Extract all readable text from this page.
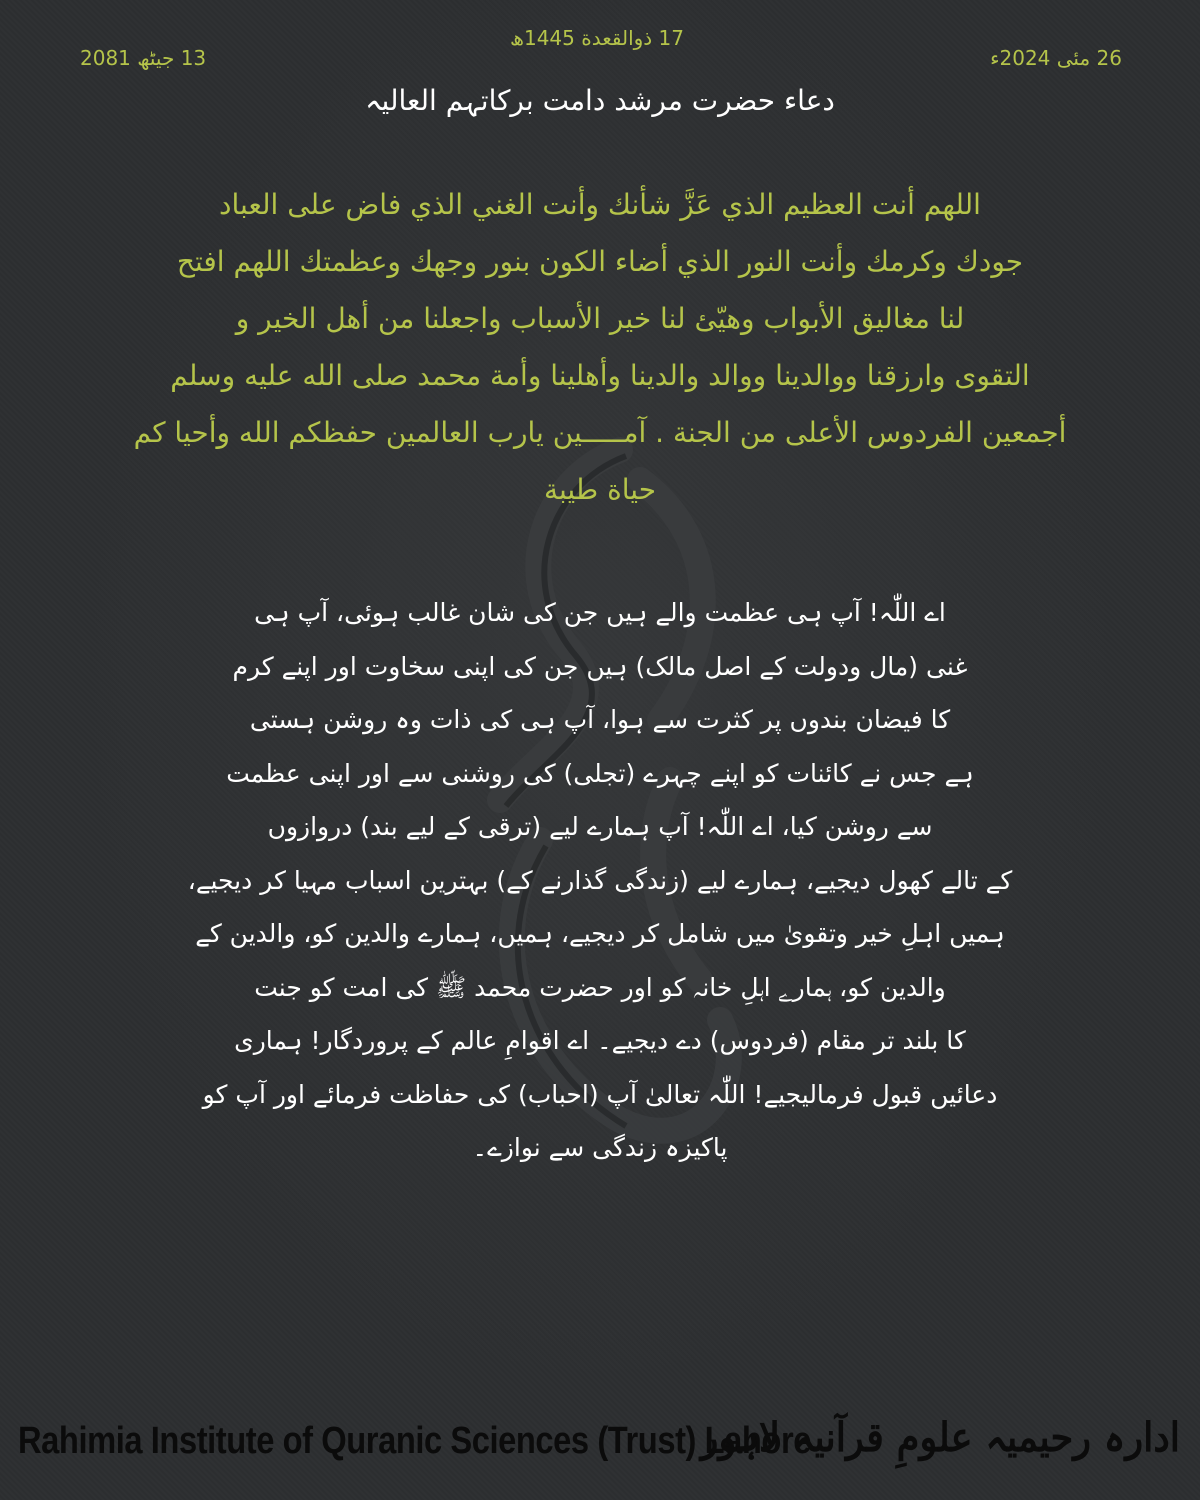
17 ذوالقعدة 1445ھ
13 جیٹھ 2081	26 مئی 2024ء
دعاء حضرت مرشد دامت برکاتہم العالیہ
اللهم أنت العظيم الذي عَزَّ شأنك وأنت الغني الذي فاض على العباد
جودك وكرمك وأنت النور الذي أضاء الكون بنور وجهك وعظمتك اللهم افتح
لنا مغاليق الأبواب وهيّئ لنا خير الأسباب واجعلنا من أهل الخير و
التقوى وارزقنا ووالدينا ووالد والدينا وأهلينا وأمة محمد صلى الله عليه وسلم
أجمعين الفردوس الأعلى من الجنة . آمـــــين يارب العالمين حفظكم الله وأحيا كم
حياة طيبة
اے اللّٰہ! آپ ہی عظمت والے ہیں جن کی شان غالب ہوئی، آپ ہی
غنی (مال ودولت کے اصل مالک) ہیں جن کی اپنی سخاوت اور اپنے کرم
کا فیضان بندوں پر کثرت سے ہوا، آپ ہی کی ذات وہ روشن ہستی
ہے جس نے کائنات کو اپنے چہرے (تجلی) کی روشنی سے اور اپنی عظمت
سے روشن کیا، اے اللّٰہ! آپ ہمارے لیے (ترقی کے لیے بند) دروازوں
کے تالے کھول دیجیے، ہمارے لیے (زندگی گذارنے کے) بہترین اسباب مہیا کر دیجیے،
ہمیں اہلِ خیر وتقویٰ میں شامل کر دیجیے، ہمیں، ہمارے والدین کو، والدین کے
والدین کو، ہمارے اہلِ خانہ کو اور حضرت محمد ﷺ کی امت کو جنت
کا بلند تر مقام (فردوس) دے دیجیے۔ اے اقوامِ عالم کے پروردگار! ہماری
دعائیں قبول فرمالیجیے! اللّٰہ تعالیٰ آپ (احباب) کی حفاظت فرمائے اور آپ کو
پاکیزہ زندگی سے نوازے۔
Rahimia Institute of Quranic Sciences (Trust) Lahore
ادارہ رحیمیہ علومِ قرآنیہ لاہور
